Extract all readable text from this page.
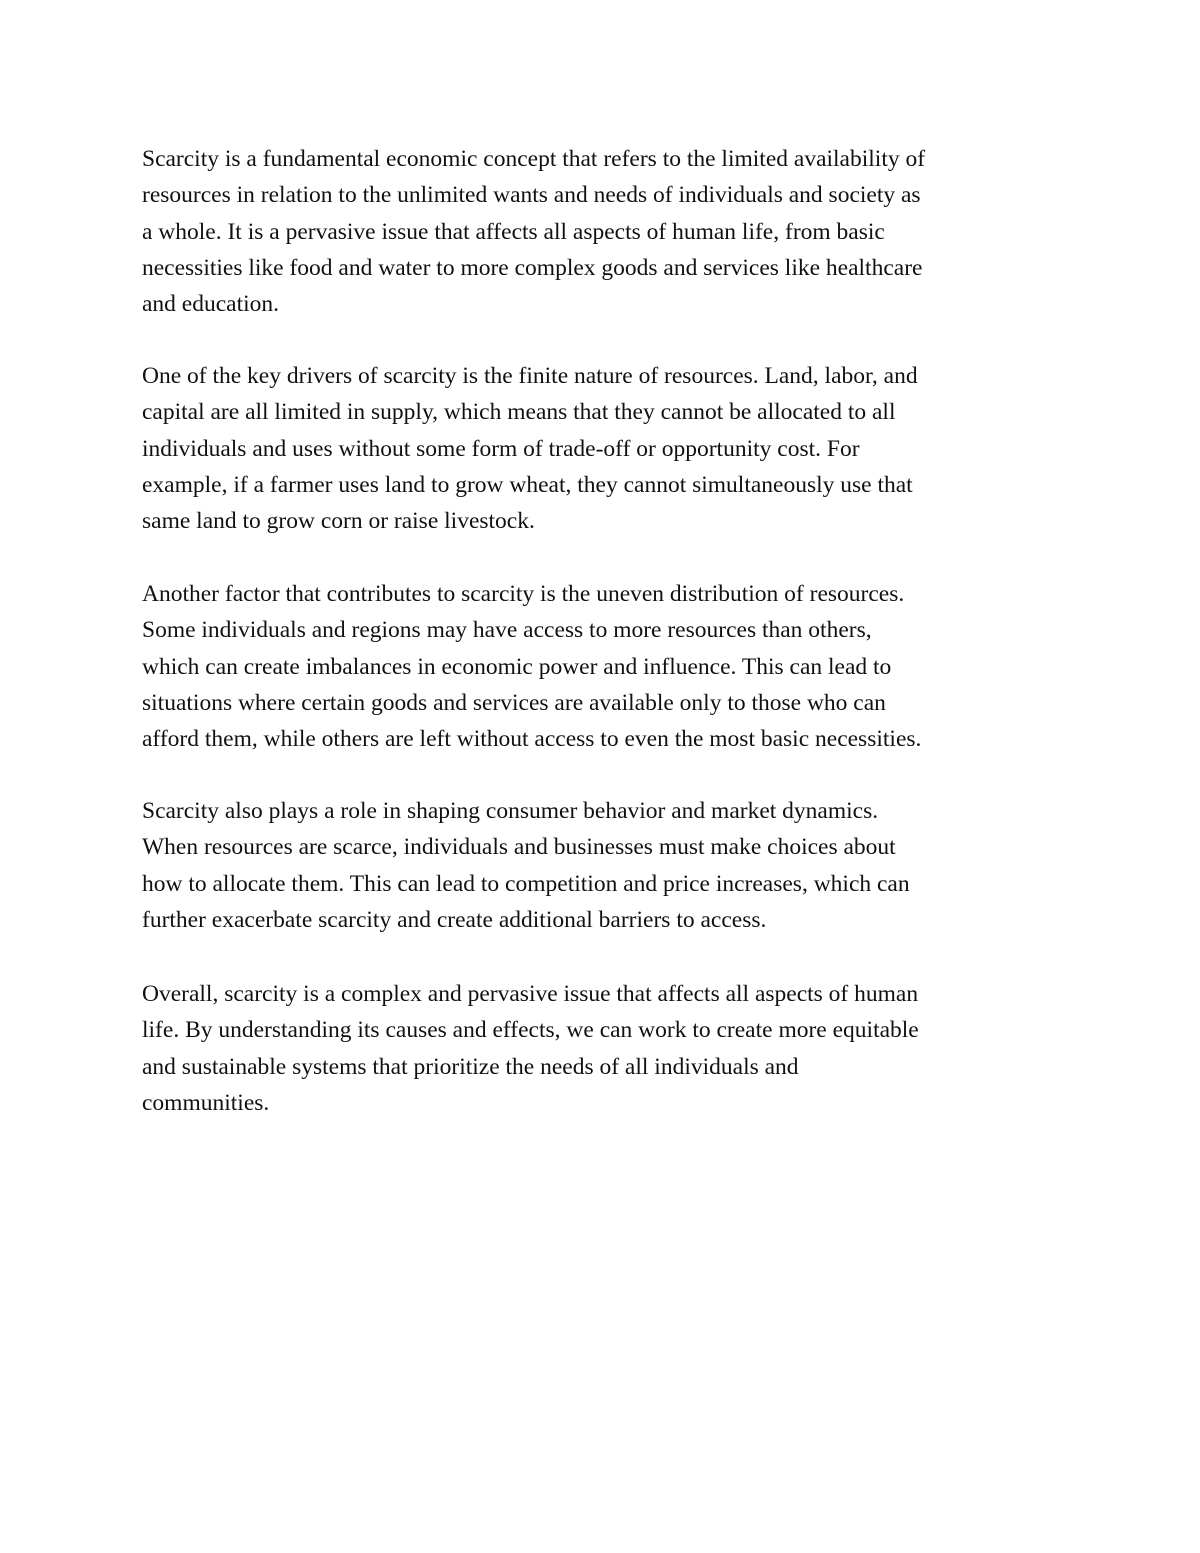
Scarcity is a fundamental economic concept that refers to the limited availability of
resources in relation to the unlimited wants and needs of individuals and society as
a whole. It is a pervasive issue that affects all aspects of human life, from basic
necessities like food and water to more complex goods and services like healthcare
and education.
One of the key drivers of scarcity is the finite nature of resources. Land, labor, and
capital are all limited in supply, which means that they cannot be allocated to all
individuals and uses without some form of trade-off or opportunity cost. For
example, if a farmer uses land to grow wheat, they cannot simultaneously use that
same land to grow corn or raise livestock.
Another factor that contributes to scarcity is the uneven distribution of resources.
Some individuals and regions may have access to more resources than others,
which can create imbalances in economic power and influence. This can lead to
situations where certain goods and services are available only to those who can
afford them, while others are left without access to even the most basic necessities.
Scarcity also plays a role in shaping consumer behavior and market dynamics.
When resources are scarce, individuals and businesses must make choices about
how to allocate them. This can lead to competition and price increases, which can
further exacerbate scarcity and create additional barriers to access.
Overall, scarcity is a complex and pervasive issue that affects all aspects of human
life. By understanding its causes and effects, we can work to create more equitable
and sustainable systems that prioritize the needs of all individuals and
communities.
